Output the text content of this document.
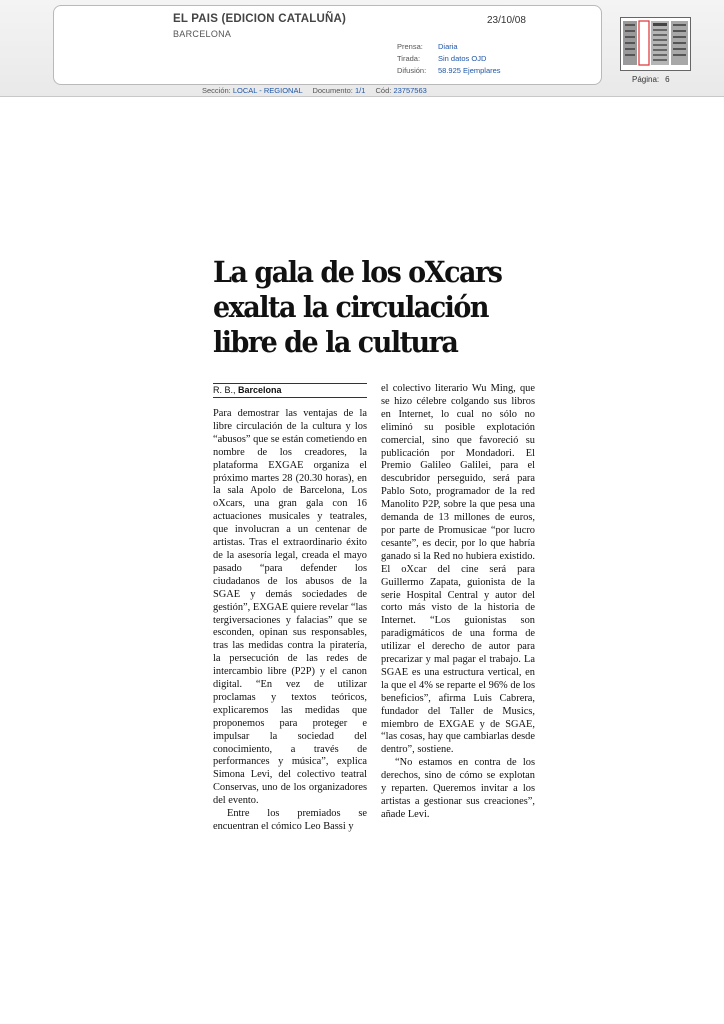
EL PAIS (EDICION CATALUÑA)
BARCELONA
23/10/08
Prensa:	Diaria
Tirada:	Sin datos OJD
Difusión:	58.925 Ejemplares
Página: 6
Sección: LOCAL - REGIONAL Documento: 1/1 Cód: 23757563
La gala de los oXcars
exalta la circulación
libre de la cultura
R. B., Barcelona

Para demostrar las ventajas de la libre circulación de la cultura y los “abusos” que se están cometiendo en nombre de los creadores, la plataforma EXGAE organiza el próximo martes 28 (20.30 horas), en la sala Apolo de Barcelona, Los oXcars, una gran gala con 16 actuaciones musicales y teatrales, que involucran a un centenar de artistas. Tras el extraordinario éxito de la asesoría legal, creada el mayo pasado “para defender los ciudadanos de los abusos de la SGAE y demás sociedades de gestión”, EXGAE quiere revelar “las tergiversaciones y falacias” que se esconden, opinan sus responsables, tras las medidas contra la piratería, la persecución de las redes de intercambio libre (P2P) y el canon digital. “En vez de utilizar proclamas y textos teóricos, explicaremos las medidas que proponemos para proteger e impulsar la sociedad del conocimiento, a través de performances y música”, explica Simona Levi, del colectivo teatral Conservas, uno de los organizadores del evento.

Entre los premiados se encuentran el cómico Leo Bassi y

el colectivo literario Wu Ming, que se hizo célebre colgando sus libros en Internet, lo cual no sólo no eliminó su posible explotación comercial, sino que favoreció su publicación por Mondadori. El Premio Galileo Galilei, para el descubridor perseguido, será para Pablo Soto, programador de la red Manolito P2P, sobre la que pesa una demanda de 13 millones de euros, por parte de Promusicae “por lucro cesante”, es decir, por lo que habría ganado si la Red no hubiera existido. El oXcar del cine será para Guillermo Zapata, guionista de la serie Hospital Central y autor del corto más visto de la historia de Internet. “Los guionistas son paradigmáticos de una forma de utilizar el derecho de autor para precarizar y mal pagar el trabajo. La SGAE es una estructura vertical, en la que el 4% se reparte el 96% de los beneficios”, afirma Luis Cabrera, fundador del Taller de Musics, miembro de EXGAE y de SGAE, “las cosas, hay que cambiarlas desde dentro”, sostiene.

“No estamos en contra de los derechos, sino de cómo se explotan y reparten. Queremos invitar a los artistas a gestionar sus creaciones”, añade Levi.
